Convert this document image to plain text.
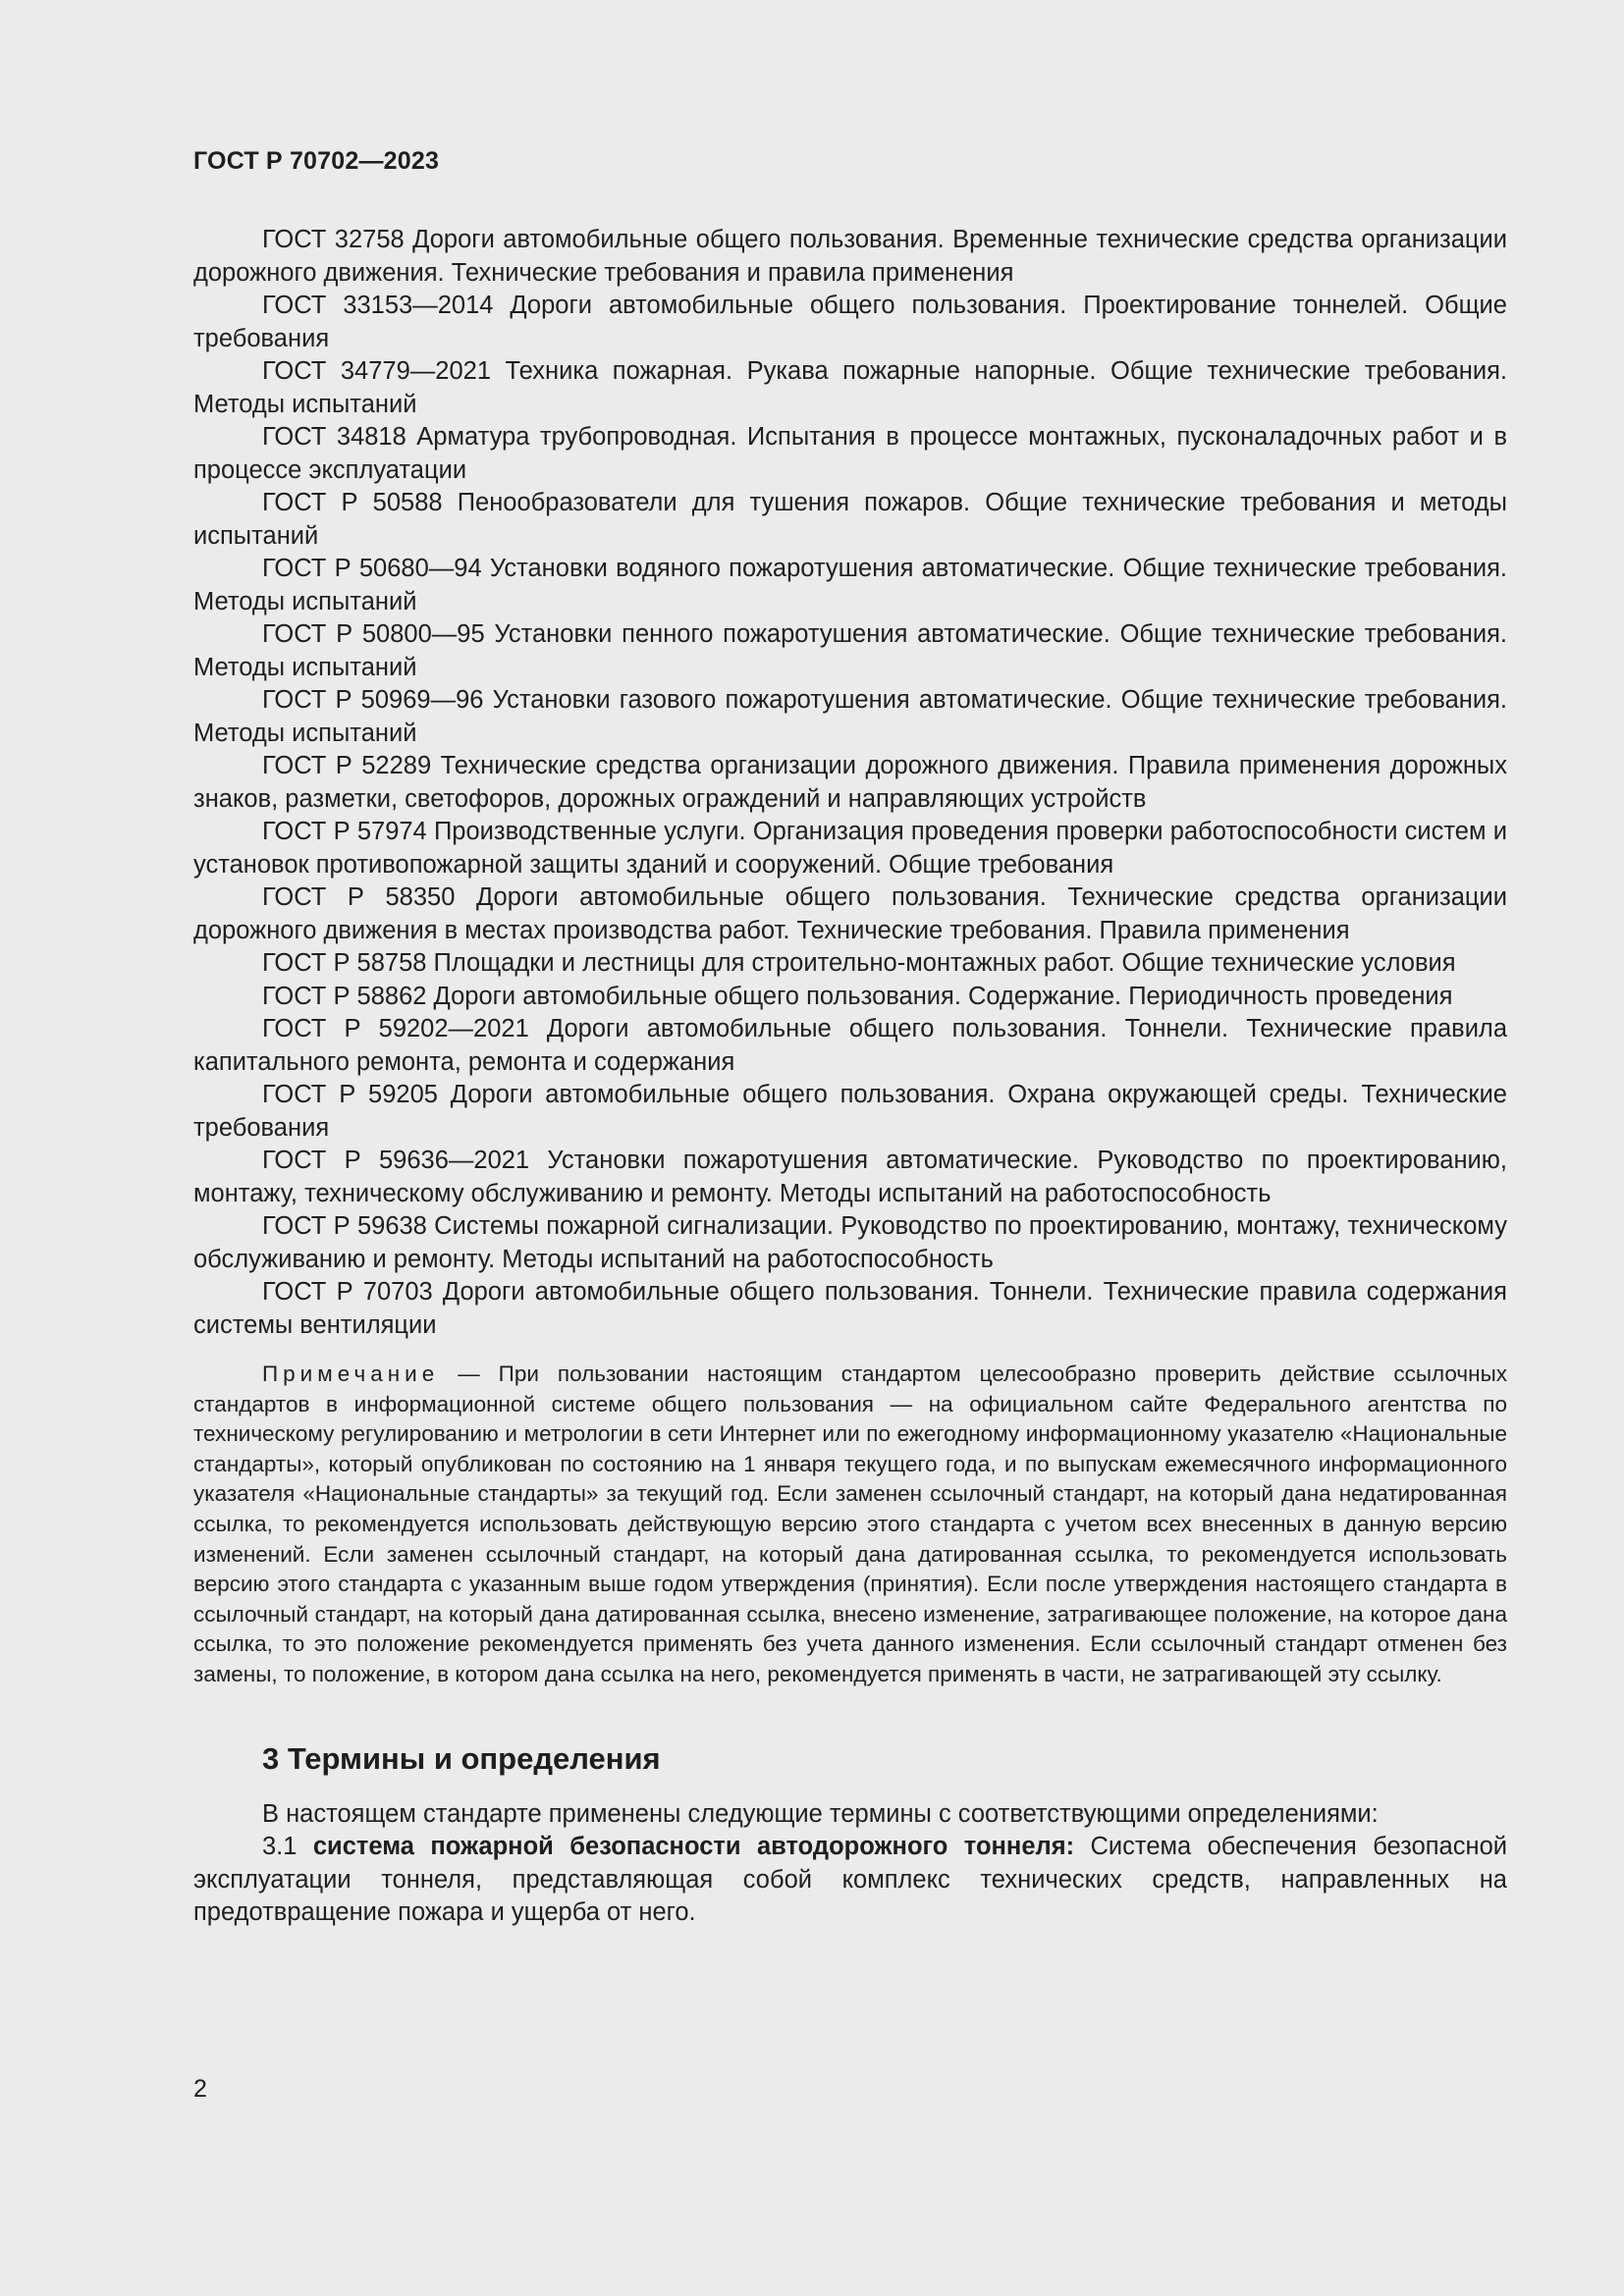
ГОСТ Р 70702—2023

ГОСТ 32758 Дороги автомобильные общего пользования. Временные технические средства организации дорожного движения. Технические требования и правила применения

ГОСТ 33153—2014 Дороги автомобильные общего пользования. Проектирование тоннелей. Общие требования

ГОСТ 34779—2021 Техника пожарная. Рукава пожарные напорные. Общие технические требования. Методы испытаний

ГОСТ 34818 Арматура трубопроводная. Испытания в процессе монтажных, пусконаладочных работ и в процессе эксплуатации

ГОСТ Р 50588 Пенообразователи для тушения пожаров. Общие технические требования и методы испытаний

ГОСТ Р 50680—94 Установки водяного пожаротушения автоматические. Общие технические требования. Методы испытаний

ГОСТ Р 50800—95 Установки пенного пожаротушения автоматические. Общие технические требования. Методы испытаний

ГОСТ Р 50969—96 Установки газового пожаротушения автоматические. Общие технические требования. Методы испытаний

ГОСТ Р 52289 Технические средства организации дорожного движения. Правила применения дорожных знаков, разметки, светофоров, дорожных ограждений и направляющих устройств

ГОСТ Р 57974 Производственные услуги. Организация проведения проверки работоспособности систем и установок противопожарной защиты зданий и сооружений. Общие требования

ГОСТ Р 58350 Дороги автомобильные общего пользования. Технические средства организации дорожного движения в местах производства работ. Технические требования. Правила применения

ГОСТ Р 58758 Площадки и лестницы для строительно-монтажных работ. Общие технические условия

ГОСТ Р 58862 Дороги автомобильные общего пользования. Содержание. Периодичность проведения

ГОСТ Р 59202—2021 Дороги автомобильные общего пользования. Тоннели. Технические правила капитального ремонта, ремонта и содержания

ГОСТ Р 59205 Дороги автомобильные общего пользования. Охрана окружающей среды. Технические требования

ГОСТ Р 59636—2021 Установки пожаротушения автоматические. Руководство по проектированию, монтажу, техническому обслуживанию и ремонту. Методы испытаний на работоспособность

ГОСТ Р 59638 Системы пожарной сигнализации. Руководство по проектированию, монтажу, техническому обслуживанию и ремонту. Методы испытаний на работоспособность

ГОСТ Р 70703 Дороги автомобильные общего пользования. Тоннели. Технические правила содержания системы вентиляции

Примечание — При пользовании настоящим стандартом целесообразно проверить действие ссылочных стандартов в информационной системе общего пользования — на официальном сайте Федерального агентства по техническому регулированию и метрологии в сети Интернет или по ежегодному информационному указателю «Национальные стандарты», который опубликован по состоянию на 1 января текущего года, и по выпускам ежемесячного информационного указателя «Национальные стандарты» за текущий год. Если заменен ссылочный стандарт, на который дана недатированная ссылка, то рекомендуется использовать действующую версию этого стандарта с учетом всех внесенных в данную версию изменений. Если заменен ссылочный стандарт, на который дана датированная ссылка, то рекомендуется использовать версию этого стандарта с указанным выше годом утверждения (принятия). Если после утверждения настоящего стандарта в ссылочный стандарт, на который дана датированная ссылка, внесено изменение, затрагивающее положение, на которое дана ссылка, то это положение рекомендуется применять без учета данного изменения. Если ссылочный стандарт отменен без замены, то положение, в котором дана ссылка на него, рекомендуется применять в части, не затрагивающей эту ссылку.

3 Термины и определения

В настоящем стандарте применены следующие термины с соответствующими определениями:

3.1 система пожарной безопасности автодорожного тоннеля: Система обеспечения безопасной эксплуатации тоннеля, представляющая собой комплекс технических средств, направленных на предотвращение пожара и ущерба от него.

2
